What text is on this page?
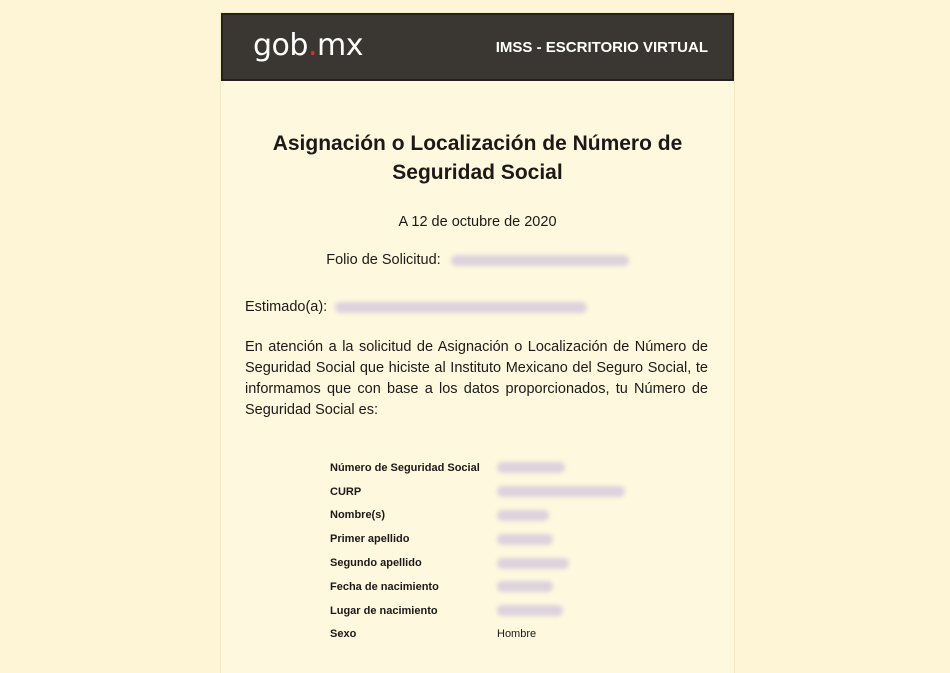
gob.mx	IMSS - ESCRITORIO VIRTUAL
Asignación o Localización de Número de Seguridad Social
A 12 de octubre de 2020
Folio de Solicitud:
Estimado(a):
En atención a la solicitud de Asignación o Localización de Número de Seguridad Social que hiciste al Instituto Mexicano del Seguro Social, te informamos que con base a los datos proporcionados, tu Número de Seguridad Social es:
Número de Seguridad Social	
CURP	
Nombre(s)	
Primer apellido	
Segundo apellido	
Fecha de nacimiento	
Lugar de nacimiento	
Sexo	Hombre
